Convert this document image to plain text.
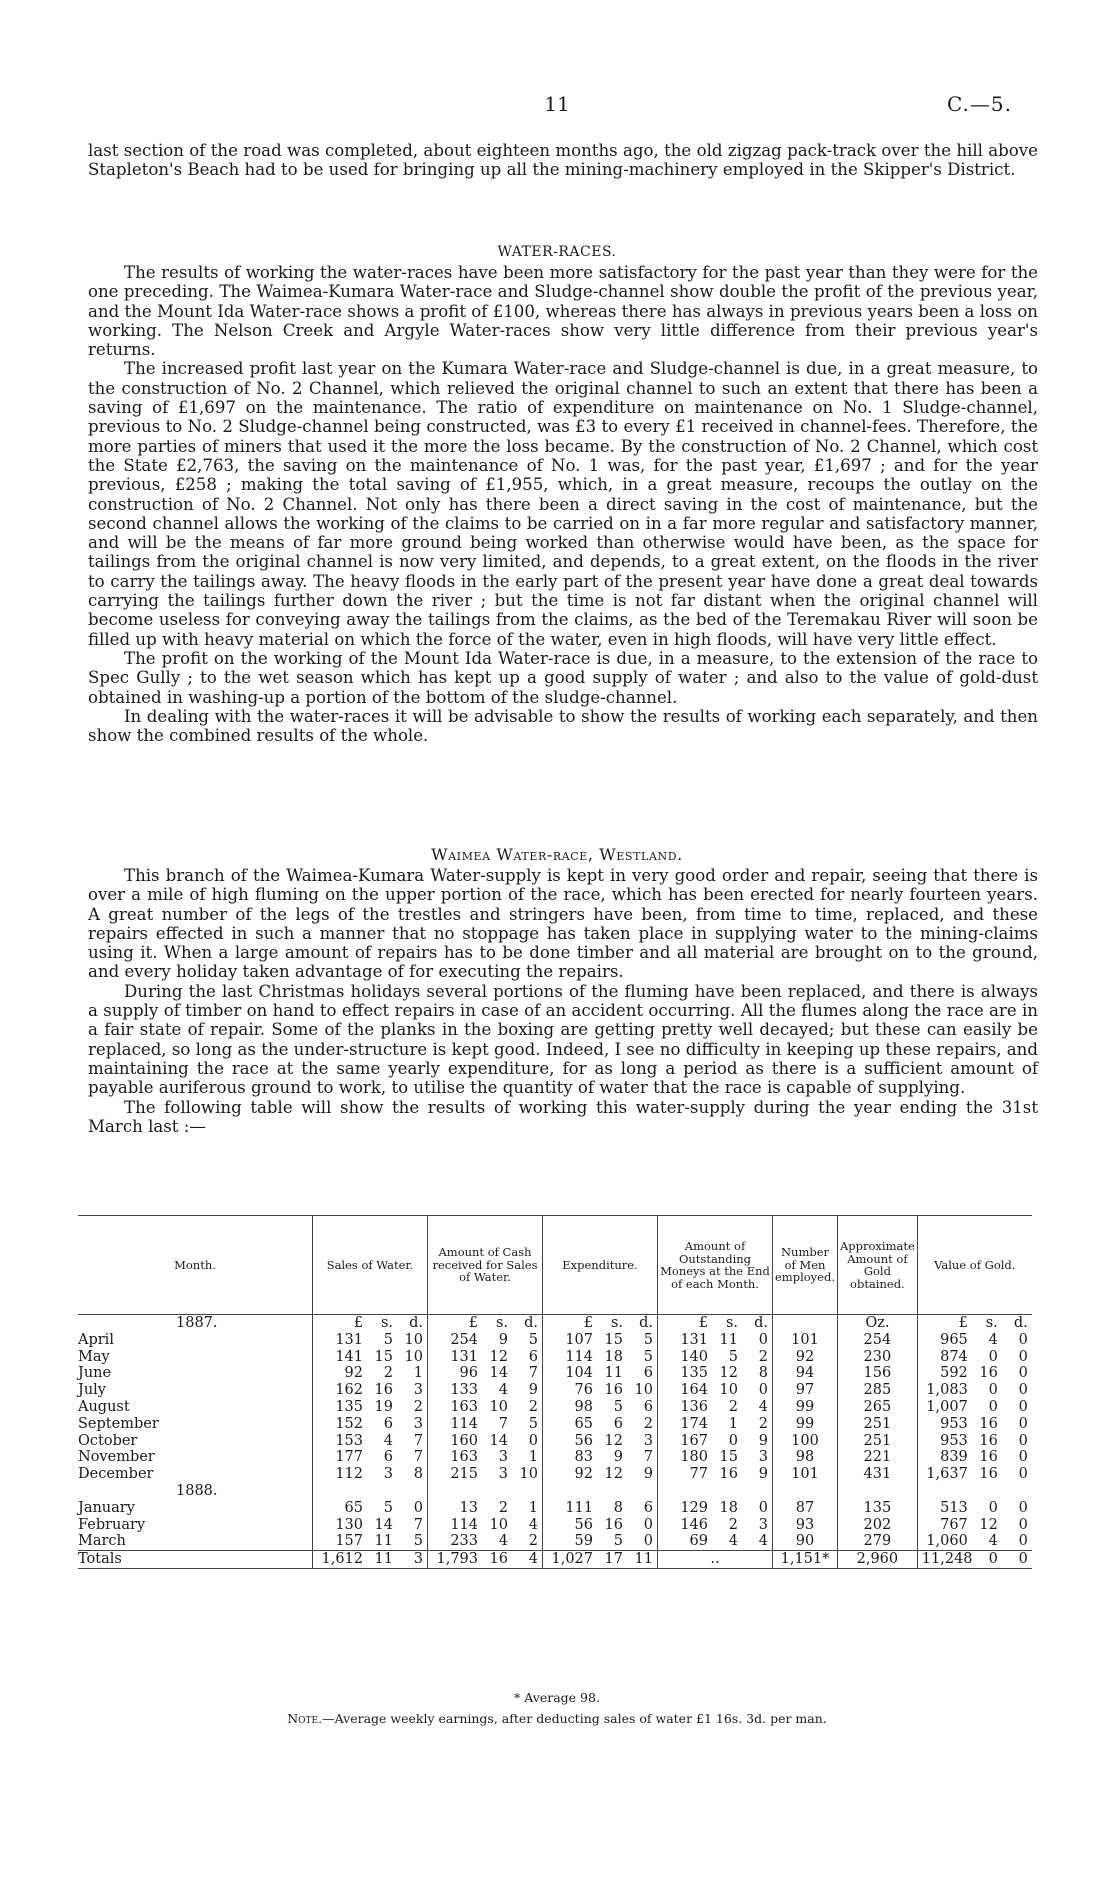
11	C.—5.

last section of the road was completed, about eighteen months ago, the old zigzag pack-track over the hill above Stapleton's Beach had to be used for bringing up all the mining-machinery employed in the Skipper's District.

WATER-RACES.

The results of working the water-races have been more satisfactory for the past year than they were for the one preceding. The Waimea-Kumara Water-race and Sludge-channel show double the profit of the previous year, and the Mount Ida Water-race shows a profit of £100, whereas there has always in previous years been a loss on working. The Nelson Creek and Argyle Water-races show very little difference from their previous year's returns.

The increased profit last year on the Kumara Water-race and Sludge-channel is due, in a great measure, to the construction of No. 2 Channel, which relieved the original channel to such an extent that there has been a saving of £1,697 on the maintenance. The ratio of expenditure on maintenance on No. 1 Sludge-channel, previous to No. 2 Sludge-channel being constructed, was £3 to every £1 received in channel-fees. Therefore, the more parties of miners that used it the more the loss became. By the construction of No. 2 Channel, which cost the State £2,763, the saving on the maintenance of No. 1 was, for the past year, £1,697 ; and for the year previous, £258 ; making the total saving of £1,955, which, in a great measure, recoups the outlay on the construction of No. 2 Channel. Not only has there been a direct saving in the cost of maintenance, but the second channel allows the working of the claims to be carried on in a far more regular and satisfactory manner, and will be the means of far more ground being worked than otherwise would have been, as the space for tailings from the original channel is now very limited, and depends, to a great extent, on the floods in the river to carry the tailings away. The heavy floods in the early part of the present year have done a great deal towards carrying the tailings further down the river ; but the time is not far distant when the original channel will become useless for conveying away the tailings from the claims, as the bed of the Teremakau River will soon be filled up with heavy material on which the force of the water, even in high floods, will have very little effect.

The profit on the working of the Mount Ida Water-race is due, in a measure, to the extension of the race to Spec Gully ; to the wet season which has kept up a good supply of water ; and also to the value of gold-dust obtained in washing-up a portion of the bottom of the sludge-channel.

In dealing with the water-races it will be advisable to show the results of working each separately, and then show the combined results of the whole.

Waimea Water-race, Westland.

This branch of the Waimea-Kumara Water-supply is kept in very good order and repair, seeing that there is over a mile of high fluming on the upper portion of the race, which has been erected for nearly fourteen years. A great number of the legs of the trestles and stringers have been, from time to time, replaced, and these repairs effected in such a manner that no stoppage has taken place in supplying water to the mining-claims using it. When a large amount of repairs has to be done timber and all material are brought on to the ground, and every holiday taken advantage of for executing the repairs.

During the last Christmas holidays several portions of the fluming have been replaced, and there is always a supply of timber on hand to effect repairs in case of an accident occurring. All the flumes along the race are in a fair state of repair. Some of the planks in the boxing are getting pretty well decayed; but these can easily be replaced, so long as the under-structure is kept good. Indeed, I see no difficulty in keeping up these repairs, and maintaining the race at the same yearly expenditure, for as long a period as there is a sufficient amount of payable auriferous ground to work, to utilise the quantity of water that the race is capable of supplying.

The following table will show the results of working this water-supply during the year ending the 31st March last :—

Month.	Sales of Water.	Amount of Cash received for Sales of Water.	Expenditure.	Amount of Outstanding Moneys at the End of each Month.	Number of Men employed.	Approximate Amount of Gold obtained.	Value of Gold.
1887.	£ s. d.	£ s. d.	£ s. d.	£ s. d.		Oz.	£ s. d.
April	131 5 10	254 9 5	107 15 5	131 11 0	101	254	965 4 0
May	141 15 10	131 12 6	114 18 5	140 5 2	92	230	874 0 0
June	92 2 1	96 14 7	104 11 6	135 12 8	94	156	592 16 0
July	162 16 3	133 4 9	76 16 10	164 10 0	97	285	1,083 0 0
August	135 19 2	163 10 2	98 5 6	136 2 4	99	265	1,007 0 0
September	152 6 3	114 7 5	65 6 2	174 1 2	99	251	953 16 0
October	153 4 7	160 14 0	56 12 3	167 0 9	100	251	953 16 0
November	177 6 7	163 3 1	83 9 7	180 15 3	98	221	839 16 0
December	112 3 8	215 3 10	92 12 9	77 16 9	101	431	1,637 16 0
1888.							
January	65 5 0	13 2 1	111 8 6	129 18 0	87	135	513 0 0
February	130 14 7	114 10 4	56 16 0	146 2 3	93	202	767 12 0
March	157 11 5	233 4 2	59 5 0	69 4 4	90	279	1,060 4 0
Totals	1,612 11 3	1,793 16 4	1,027 17 11	..	1,151*	2,960	11,248 0 0
* Average 98.
Note.—Average weekly earnings, after deducting sales of water £1 16s. 3d. per man.
